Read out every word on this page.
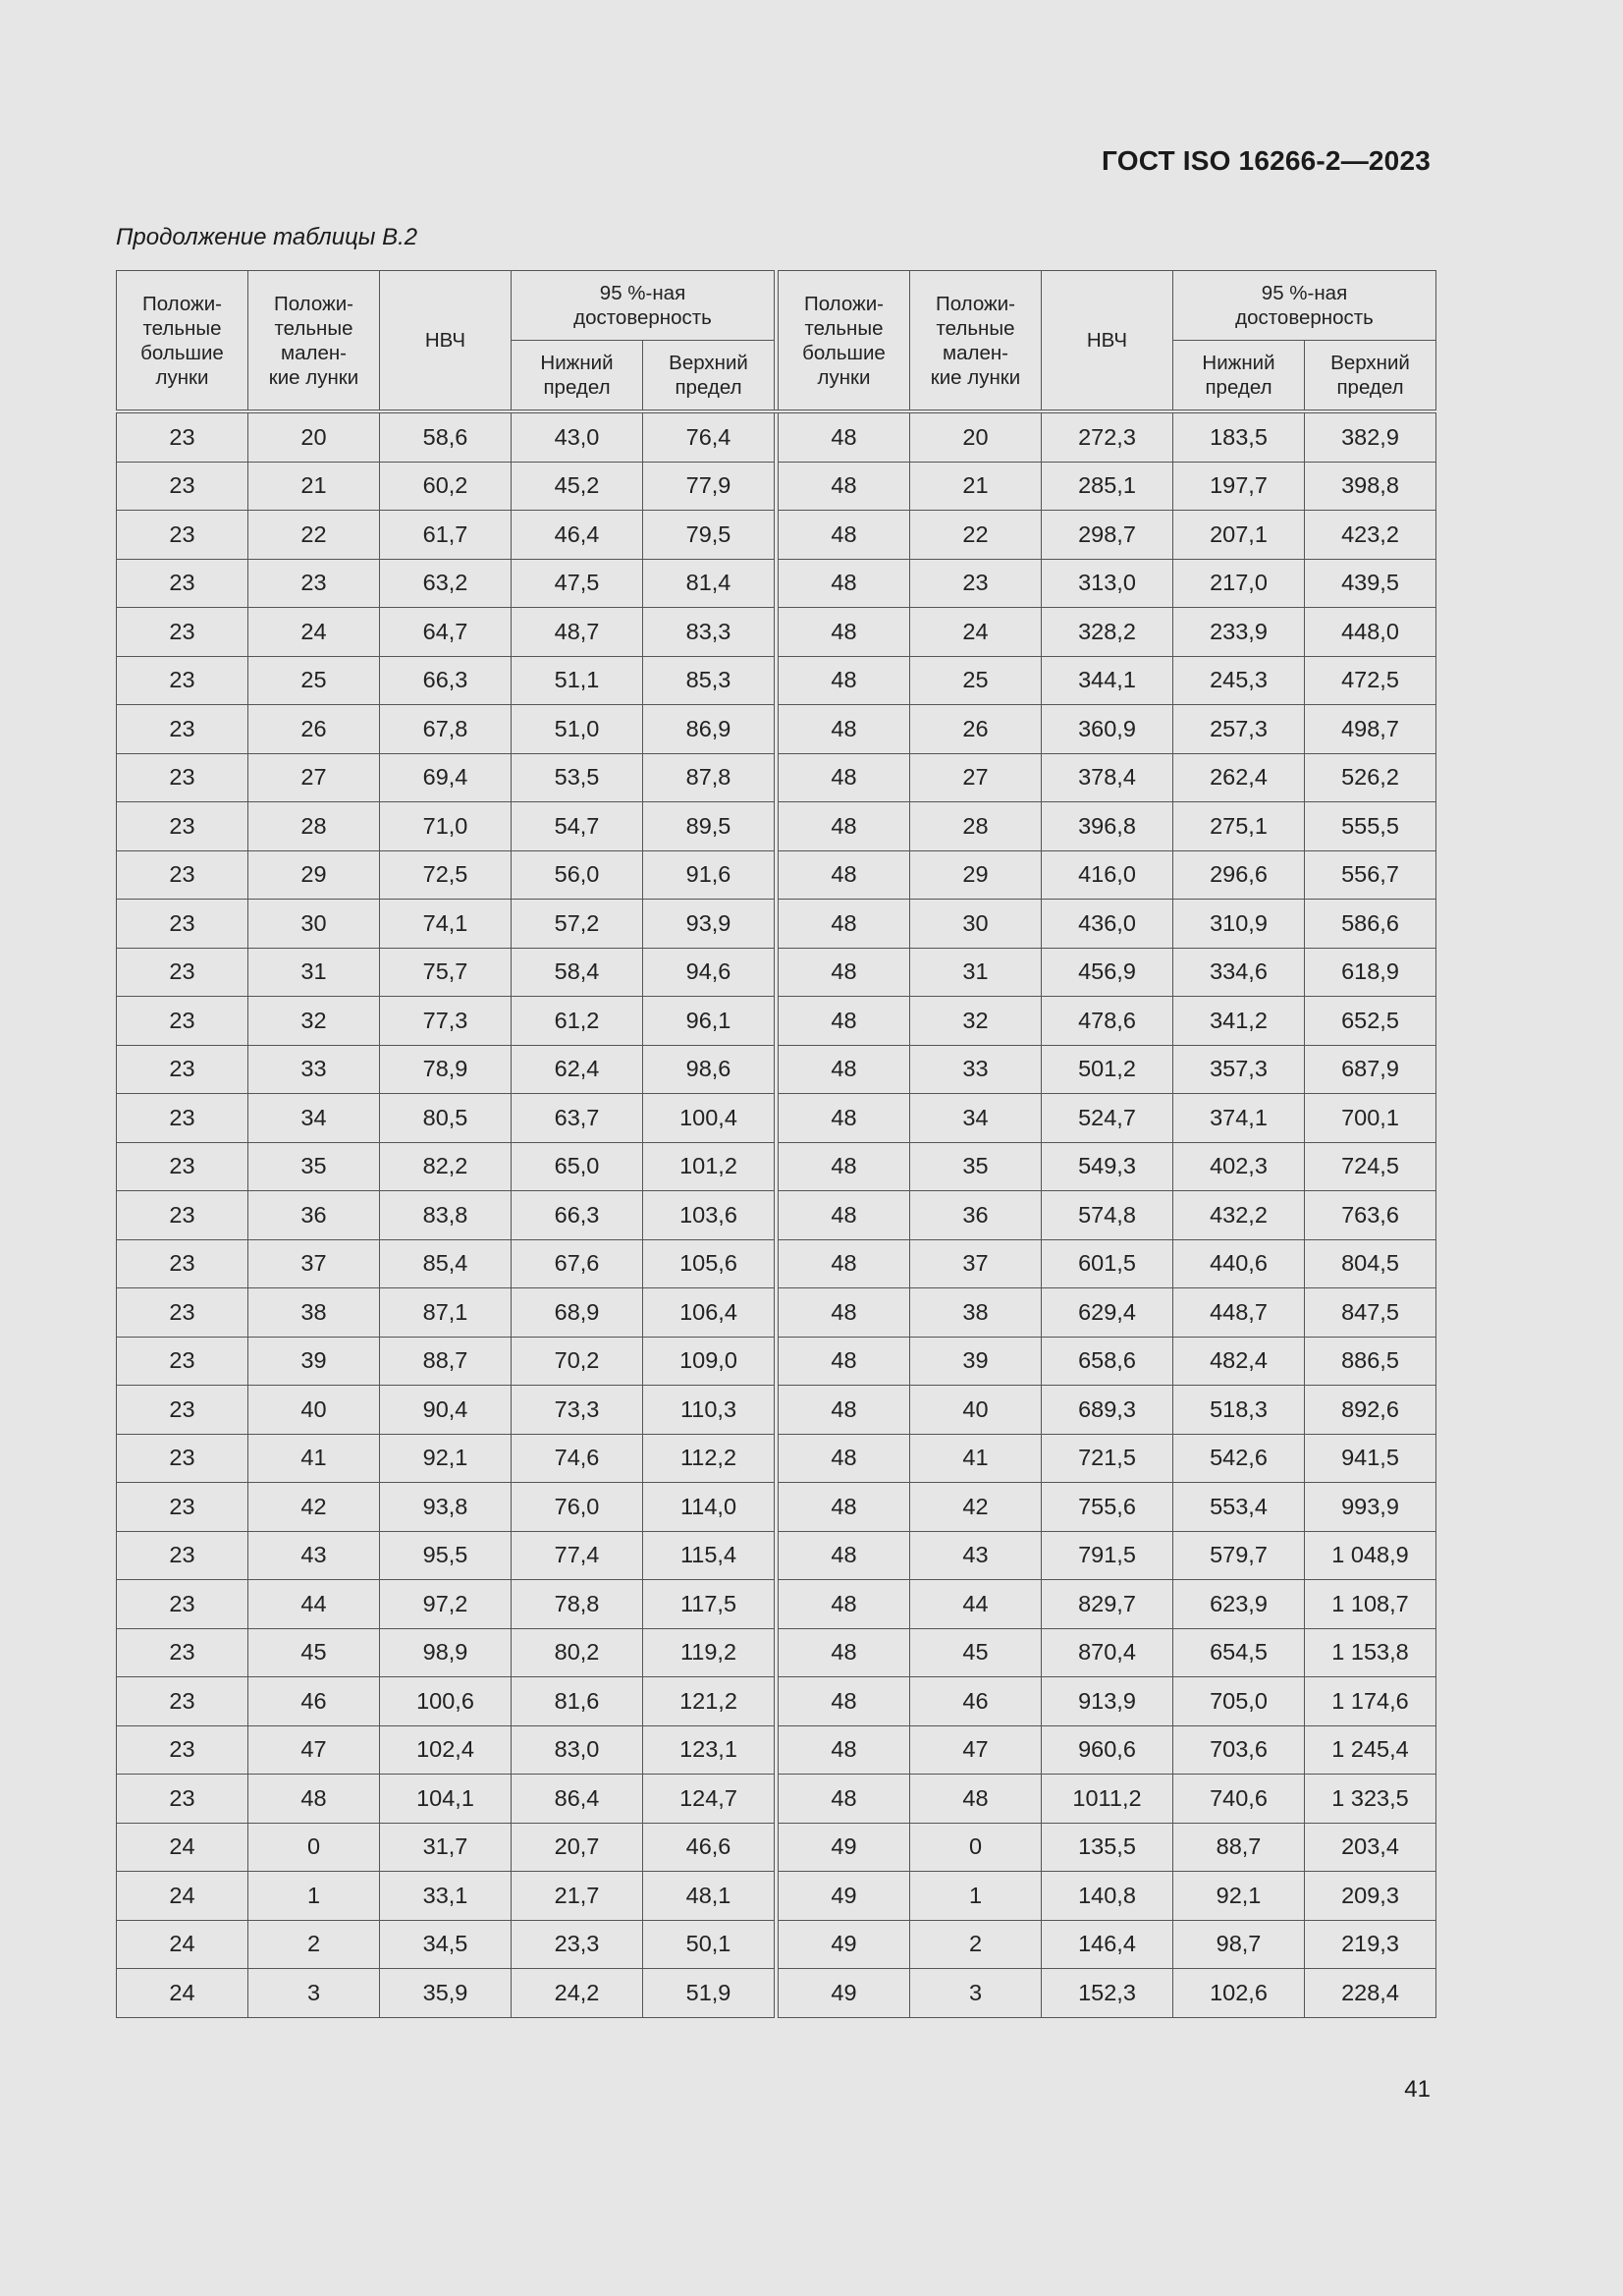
ГОСТ ISO 16266-2—2023
Продолжение таблицы В.2
Положи-
тельные
большие
лунки	Положи-
тельные
мален-
кие лунки	НВЧ	95 %-ная
достоверность			Положи-
тельные
большие
лунки	Положи-
тельные
мален-
кие лунки	НВЧ	95 %-ная
достоверность	
			Нижний
предел	Верхний
предел					Нижний
предел	Верхний
предел
23	20	58,6	43,0	76,4		48	20	272,3	183,5	382,9
23	21	60,2	45,2	77,9		48	21	285,1	197,7	398,8
23	22	61,7	46,4	79,5		48	22	298,7	207,1	423,2
23	23	63,2	47,5	81,4		48	23	313,0	217,0	439,5
23	24	64,7	48,7	83,3		48	24	328,2	233,9	448,0
23	25	66,3	51,1	85,3		48	25	344,1	245,3	472,5
23	26	67,8	51,0	86,9		48	26	360,9	257,3	498,7
23	27	69,4	53,5	87,8		48	27	378,4	262,4	526,2
23	28	71,0	54,7	89,5		48	28	396,8	275,1	555,5
23	29	72,5	56,0	91,6		48	29	416,0	296,6	556,7
23	30	74,1	57,2	93,9		48	30	436,0	310,9	586,6
23	31	75,7	58,4	94,6		48	31	456,9	334,6	618,9
23	32	77,3	61,2	96,1		48	32	478,6	341,2	652,5
23	33	78,9	62,4	98,6		48	33	501,2	357,3	687,9
23	34	80,5	63,7	100,4		48	34	524,7	374,1	700,1
23	35	82,2	65,0	101,2		48	35	549,3	402,3	724,5
23	36	83,8	66,3	103,6		48	36	574,8	432,2	763,6
23	37	85,4	67,6	105,6		48	37	601,5	440,6	804,5
23	38	87,1	68,9	106,4		48	38	629,4	448,7	847,5
23	39	88,7	70,2	109,0		48	39	658,6	482,4	886,5
23	40	90,4	73,3	110,3		48	40	689,3	518,3	892,6
23	41	92,1	74,6	112,2		48	41	721,5	542,6	941,5
23	42	93,8	76,0	114,0		48	42	755,6	553,4	993,9
23	43	95,5	77,4	115,4		48	43	791,5	579,7	1 048,9
23	44	97,2	78,8	117,5		48	44	829,7	623,9	1 108,7
23	45	98,9	80,2	119,2		48	45	870,4	654,5	1 153,8
23	46	100,6	81,6	121,2		48	46	913,9	705,0	1 174,6
23	47	102,4	83,0	123,1		48	47	960,6	703,6	1 245,4
23	48	104,1	86,4	124,7		48	48	1011,2	740,6	1 323,5
24	0	31,7	20,7	46,6		49	0	135,5	88,7	203,4
24	1	33,1	21,7	48,1		49	1	140,8	92,1	209,3
24	2	34,5	23,3	50,1		49	2	146,4	98,7	219,3
24	3	35,9	24,2	51,9		49	3	152,3	102,6	228,4
41
